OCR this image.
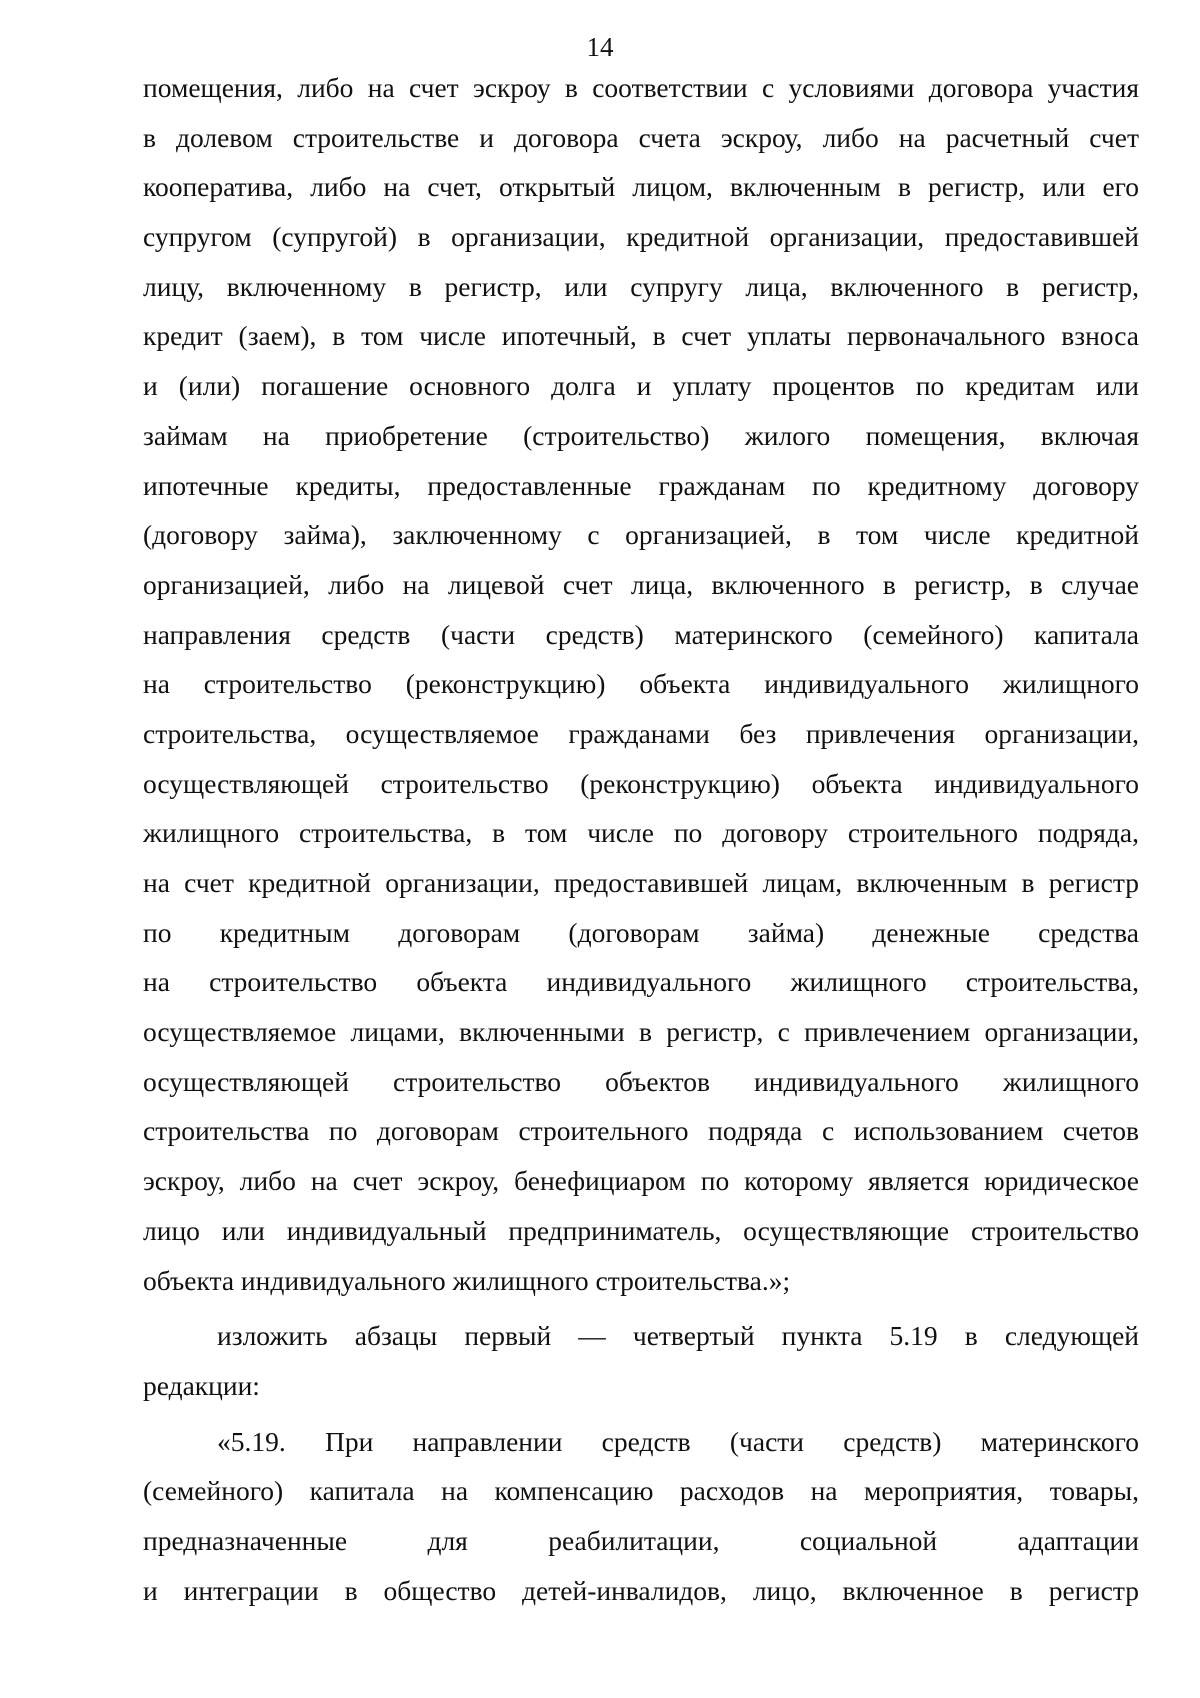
14
помещения, либо на счет эскроу в соответствии с условиями договора участия
в долевом строительстве и договора счета эскроу, либо на расчетный счет
кооператива, либо на счет, открытый лицом, включенным в регистр, или его
супругом (супругой) в организации, кредитной организации, предоставившей
лицу, включенному в регистр, или супругу лица, включенного в регистр,
кредит (заем), в том числе ипотечный, в счет уплаты первоначального взноса
и (или) погашение основного долга и уплату процентов по кредитам или
займам на приобретение (строительство) жилого помещения, включая
ипотечные кредиты, предоставленные гражданам по кредитному договору
(договору займа), заключенному с организацией, в том числе кредитной
организацией, либо на лицевой счет лица, включенного в регистр, в случае
направления средств (части средств) материнского (семейного) капитала
на строительство (реконструкцию) объекта индивидуального жилищного
строительства, осуществляемое гражданами без привлечения организации,
осуществляющей строительство (реконструкцию) объекта индивидуального
жилищного строительства, в том числе по договору строительного подряда,
на счет кредитной организации, предоставившей лицам, включенным в регистр
по кредитным договорам (договорам займа) денежные средства
на строительство объекта индивидуального жилищного строительства,
осуществляемое лицами, включенными в регистр, с привлечением организации,
осуществляющей строительство объектов индивидуального жилищного
строительства по договорам строительного подряда с использованием счетов
эскроу, либо на счет эскроу, бенефициаром по которому является юридическое
лицо или индивидуальный предприниматель, осуществляющие строительство
объекта индивидуального жилищного строительства.»;
изложить абзацы первый — четвертый пункта 5.19 в следующей
редакции:
«5.19. При направлении средств (части средств) материнского
(семейного) капитала на компенсацию расходов на мероприятия, товары,
предназначенные для реабилитации, социальной адаптации
и интеграции в общество детей-инвалидов, лицо, включенное в регистр
